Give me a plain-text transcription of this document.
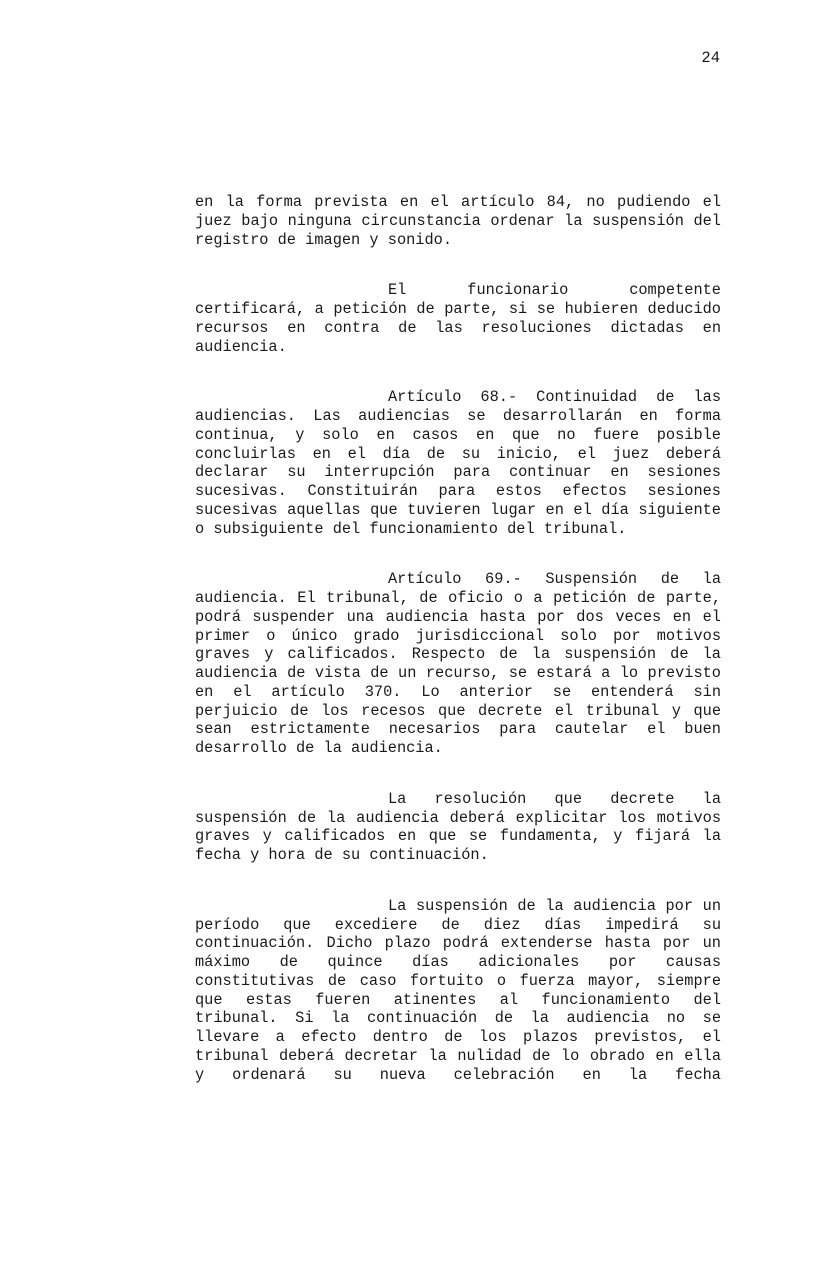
24

en la forma prevista en el artículo 84, no pudiendo el juez bajo ninguna circunstancia ordenar la suspensión del registro de imagen y sonido.

El funcionario competente certificará, a petición de parte, si se hubieren deducido recursos en contra de las resoluciones dictadas en audiencia.

Artículo 68.- Continuidad de las audiencias. Las audiencias se desarrollarán en forma continua, y solo en casos en que no fuere posible concluirlas en el día de su inicio, el juez deberá declarar su interrupción para continuar en sesiones sucesivas. Constituirán para estos efectos sesiones sucesivas aquellas que tuvieren lugar en el día siguiente o subsiguiente del funcionamiento del tribunal.

Artículo 69.- Suspensión de la audiencia. El tribunal, de oficio o a petición de parte, podrá suspender una audiencia hasta por dos veces en el primer o único grado jurisdiccional solo por motivos graves y calificados. Respecto de la suspensión de la audiencia de vista de un recurso, se estará a lo previsto en el artículo 370. Lo anterior se entenderá sin perjuicio de los recesos que decrete el tribunal y que sean estrictamente necesarios para cautelar el buen desarrollo de la audiencia.

La resolución que decrete la suspensión de la audiencia deberá explicitar los motivos graves y calificados en que se fundamenta, y fijará la fecha y hora de su continuación.

La suspensión de la audiencia por un período que excediere de diez días impedirá su continuación. Dicho plazo podrá extenderse hasta por un máximo de quince días adicionales por causas constitutivas de caso fortuito o fuerza mayor, siempre que estas fueren atinentes al funcionamiento del tribunal. Si la continuación de la audiencia no se llevare a efecto dentro de los plazos previstos, el tribunal deberá decretar la nulidad de lo obrado en ella y ordenará su nueva celebración en la fecha
